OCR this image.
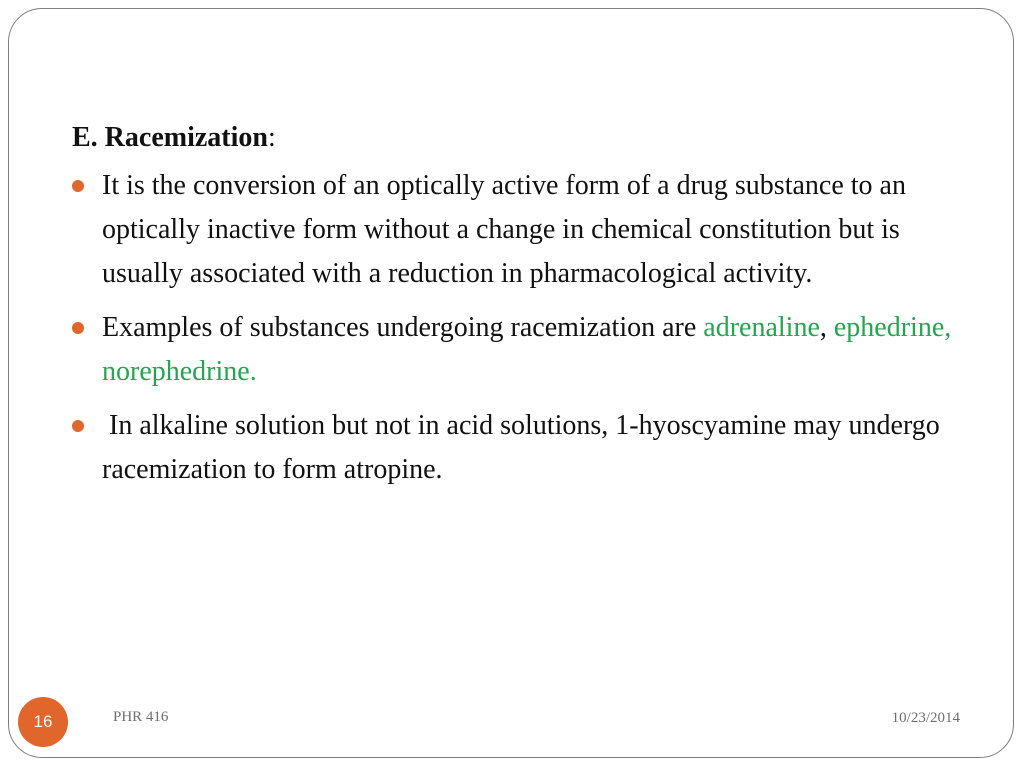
E. Racemization:
It is the conversion of an optically active form of a drug substance to an optically inactive form without a change in chemical constitution but is usually associated with a reduction in pharmacological activity.
Examples of substances undergoing racemization are adrenaline, ephedrine, norephedrine.
In alkaline solution but not in acid solutions, 1-hyoscyamine may undergo racemization to form atropine.
16	PHR 416	10/23/2014
